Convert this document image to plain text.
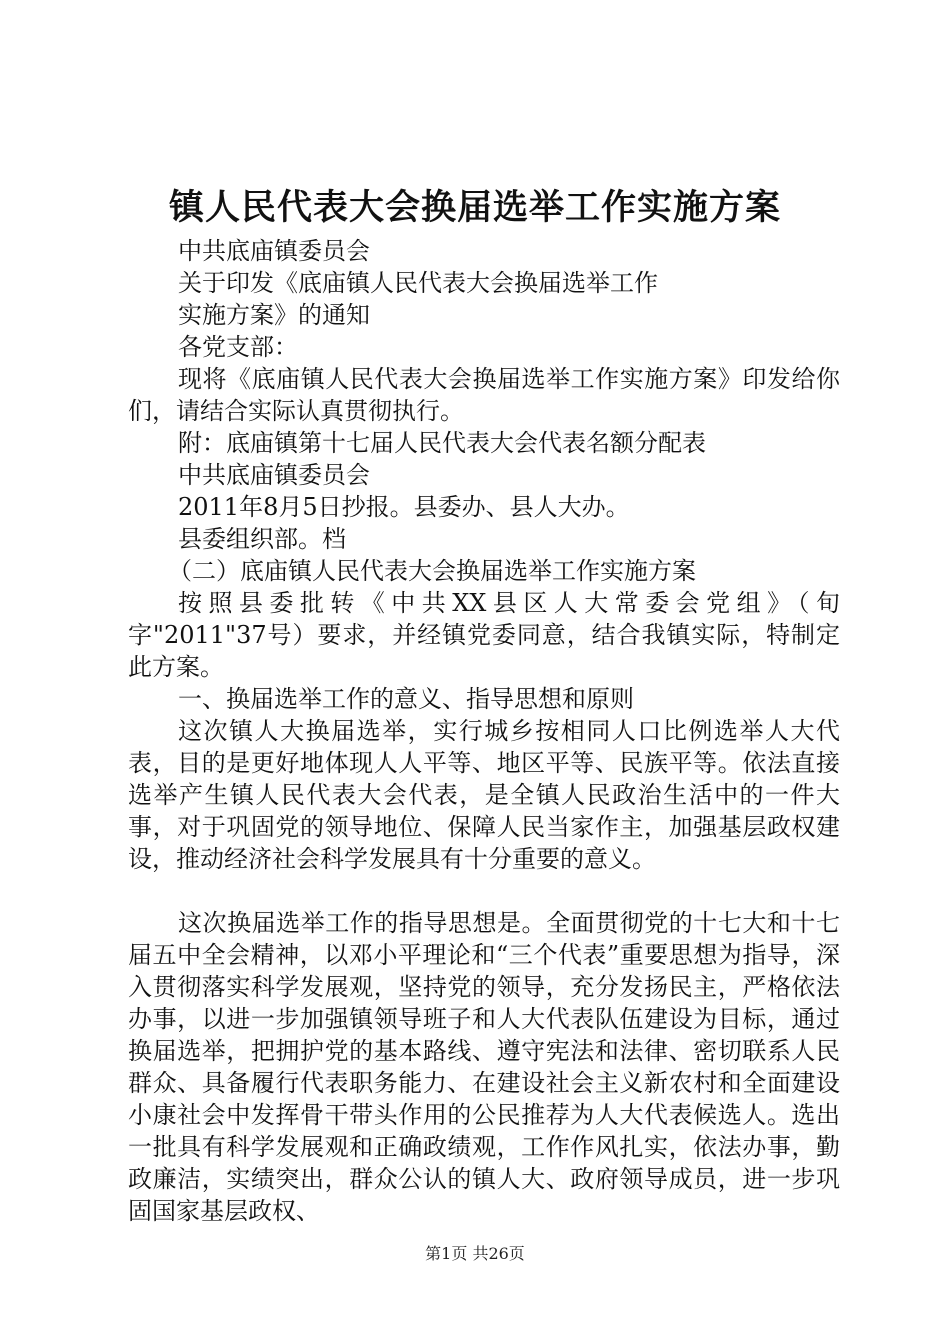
镇人民代表大会换届选举工作实施方案

中共底庙镇委员会

关于印发《底庙镇人民代表大会换届选举工作

实施方案》的通知

各党支部：

现将《底庙镇人民代表大会换届选举工作实施方案》印发给你们，请结合实际认真贯彻执行。

附：底庙镇第十七届人民代表大会代表名额分配表

中共底庙镇委员会

2011年8月5日抄报。县委办、县人大办。

县委组织部。档

（二）底庙镇人民代表大会换届选举工作实施方案

按照县委批转《中共XX县区人大常委会党组》（旬字"2011"37号）要求，并经镇党委同意，结合我镇实际，特制定此方案。

一、换届选举工作的意义、指导思想和原则

这次镇人大换届选举，实行城乡按相同人口比例选举人大代表，目的是更好地体现人人平等、地区平等、民族平等。依法直接选举产生镇人民代表大会代表，是全镇人民政治生活中的一件大事，对于巩固党的领导地位、保障人民当家作主，加强基层政权建设，推动经济社会科学发展具有十分重要的意义。

这次换届选举工作的指导思想是。全面贯彻党的十七大和十七届五中全会精神，以邓小平理论和“三个代表”重要思想为指导，深入贯彻落实科学发展观，坚持党的领导，充分发扬民主，严格依法办事，以进一步加强镇领导班子和人大代表队伍建设为目标，通过换届选举，把拥护党的基本路线、遵守宪法和法律、密切联系人民群众、具备履行代表职务能力、在建设社会主义新农村和全面建设小康社会中发挥骨干带头作用的公民推荐为人大代表候选人。选出一批具有科学发展观和正确政绩观，工作作风扎实，依法办事，勤政廉洁，实绩突出，群众公认的镇人大、政府领导成员，进一步巩固国家基层政权、

第1页 共26页
